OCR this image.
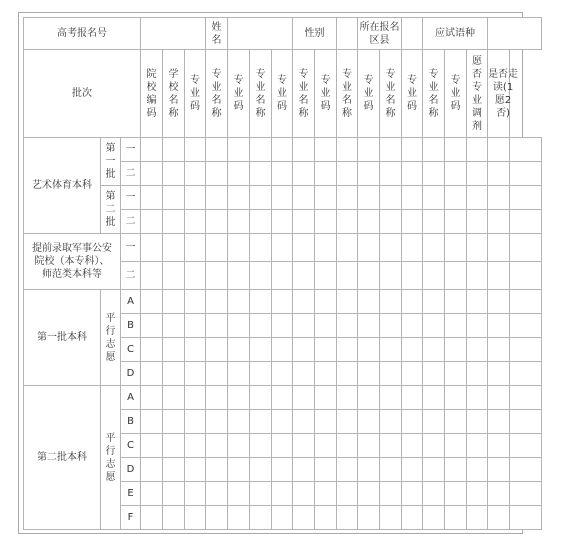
高考报名号						姓名				性别			所在报名区县			应试语种				
批次			院校编码	学校名称	专业码	专业名称	专业码	专业名称	专业码	专业名称	专业码	专业名称	专业码	专业名称	专业码	专业名称	专业码	愿否专业调剂	是否走读(1愿2否)	
艺术体育本科	第一批	一																		
		二																		

	第二批	一																		
		二																		
提前录取军事公安院校（本专科）、师范类本科等		一																		
		二																		
第一批本科	平行志愿	A																		
		B																		
		C																		
		D																		
第二批本科	平行志愿	A																		
		B																		
		C																		
		D																		
		E																		
		F																		
